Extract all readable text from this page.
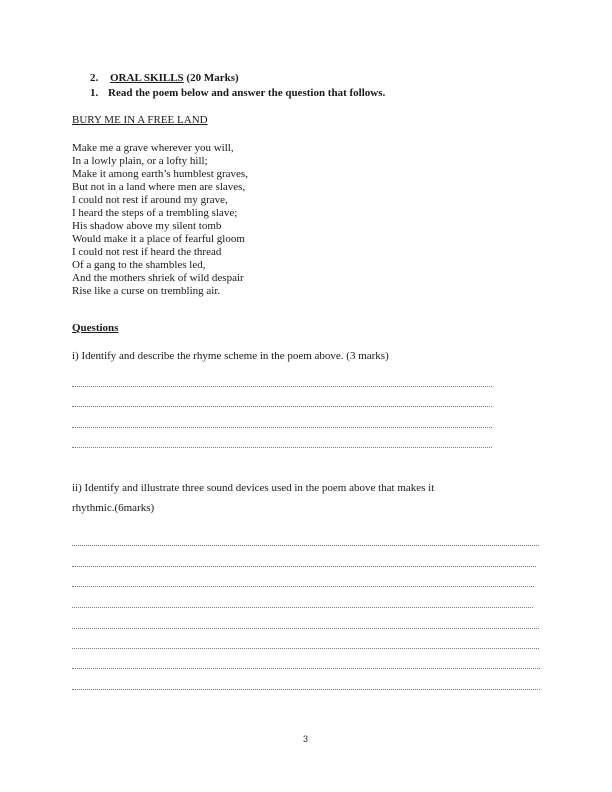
2. ORAL SKILLS (20 Marks)
1. Read the poem below and answer the question that follows.
BURY ME IN A FREE LAND
Make me a grave wherever you will,
In a lowly plain, or a lofty hill;
Make it among earth’s humblest graves,
But not in a land where men are slaves,
I could not rest if around my grave,
I heard the steps of a trembling slave;
His shadow above my silent tomb
Would make it a place of fearful gloom
I could not rest if heard the thread
Of a gang to the shambles led,
And the mothers shriek of wild despair
Rise like a curse on trembling air.
Questions
i) Identify and describe the rhyme scheme in the poem above. (3 marks)
ii) Identify and illustrate three sound devices used in the poem above that makes it
rhythmic.(6marks)
3
